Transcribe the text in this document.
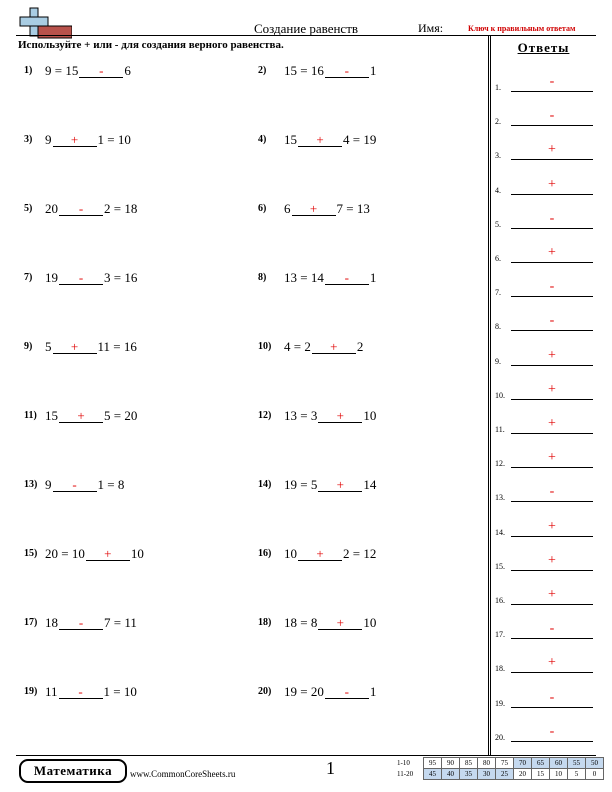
Создание равенств	Имя:	Ключ к правильным ответам
Используйте + или - для создания верного равенства.	Ответы
1) 9 = 15 - 6	2) 15 = 16 - 1
3) 9 + 1 = 10	4) 15 + 4 = 19
5) 20 - 2 = 18	6) 6 + 7 = 13
7) 19 - 3 = 16	8) 13 = 14 - 1
9) 5 + 11 = 16	10) 4 = 2 + 2
11) 15 + 5 = 20	12) 13 = 3 + 10
13) 9 - 1 = 8	14) 19 = 5 + 14
15) 20 = 10 + 10	16) 10 + 2 = 12
17) 18 - 7 = 11	18) 18 = 8 + 10
19) 11 - 1 = 10	20) 19 = 20 - 1
1.	-
2.	-
3.	+
4.	+
5.	-
6.	+
7.	-
8.	-
9.	+
10.	+
11.	+
12.	+
13.	-
14.	+
15.	+
16.	+
17.	-
18.	+
19.	-
20.	-
Математика	www.CommonCoreSheets.ru	1	1-10	95	90	85	80	75	70	65	60	55	50
11-20	45	40	35	30	25	20	15	10	5	0
